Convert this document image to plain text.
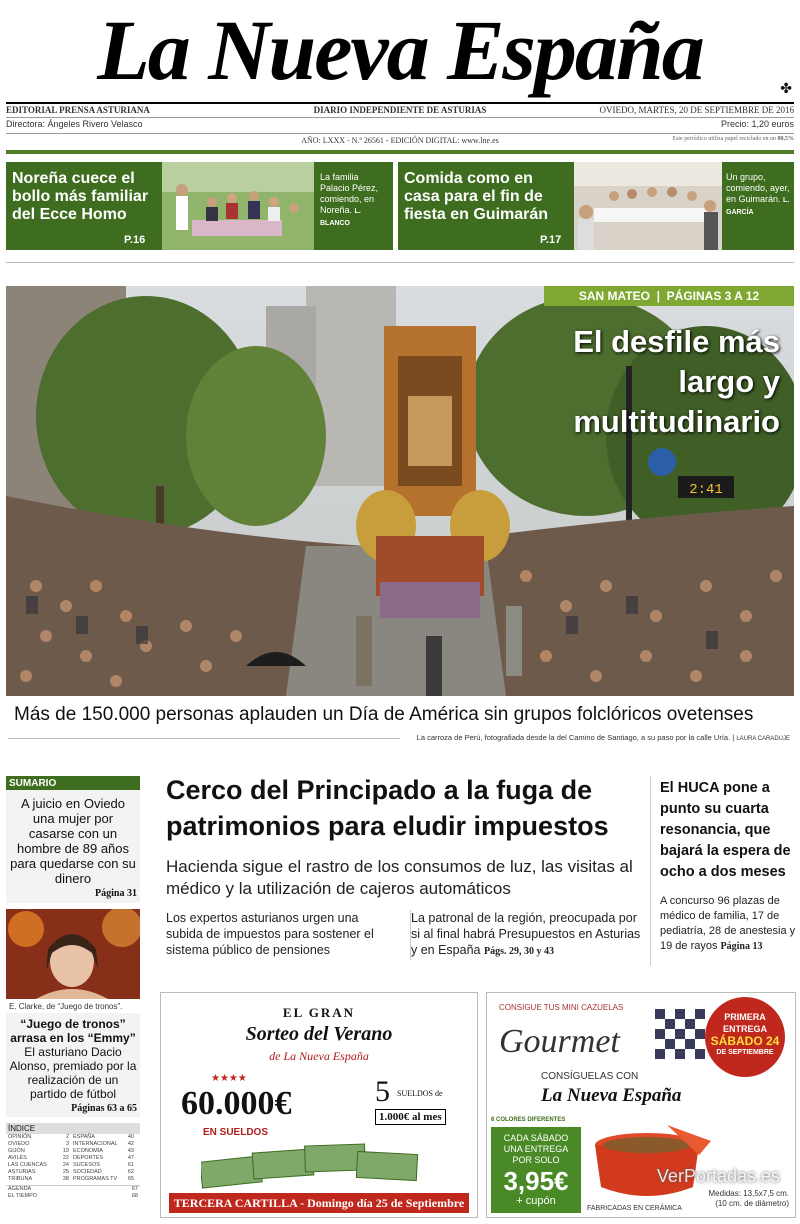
La Nueva España	✤
EDITORIAL PRENSA ASTURIANA	DIARIO INDEPENDIENTE DE ASTURIAS	OVIEDO, MARTES, 20 DE SEPTIEMBRE DE 2016
Directora: Ángeles Rivero Velasco	Precio: 1,20 euros
AÑO: LXXX - N.º 26561 - EDICIÓN DIGITAL: www.lne.es	Este periódico utiliza papel reciclado en un 80,5%
Noreña cuece el bollo más familiar del Ecce Homo
P.16
La familia Palacio Pérez, comiendo, en Noreña. L. BLANCO
Comida como en casa para el fin de fiesta en Guimarán
P.17
Un grupo, comiendo, ayer, en Guimarán. L. GARCÍA
2:41
SAN MATEO  |  PÁGINAS 3 A 12
El desfile más largo y multitudinario
Más de 150.000 personas aplauden un Día de América sin grupos folclóricos ovetenses
La carroza de Perú, fotografiada desde la del Camino de Santiago, a su paso por la calle Uría. | LAURA CARADUJE
SUMARIO
A juicio en Oviedo una mujer por casarse con un hombre de 89 años para quedarse con su dinero
Página 31
E. Clarke, de “Juego de tronos”.
“Juego de tronos” arrasa en los “Emmy”
El asturiano Dacio Alonso, premiado por la realización de un partido de fútbol
Páginas 63 a 65
ÍNDICE
OPINIÓN	2 ESPAÑA	40
OVIEDO	3 INTERNACIONAL 42
GIJÓN	19 ECONOMÍA	43
AVILÉS	22 DEPORTES	47
LAS CUENCAS	24 SUCESOS	61
ASTURIAS	25 SOCIEDAD	62
TRIBUNA	38 PROGRAMAS TV 65
AGENDA	67
EL TIEMPO	68
Cerco del Principado a la fuga de patrimonios para eludir impuestos
Hacienda sigue el rastro de los consumos de luz, las visitas al médico y la utilización de cajeros automáticos
Los expertos asturianos urgen una subida de impuestos para sostener el sistema público de pensiones
La patronal de la región, preocupada por si al final habrá Presupuestos en Asturias y en España Págs. 29, 30 y 43
El HUCA pone a punto su cuarta resonancia, que bajará la espera de ocho a dos meses
A concurso 96 plazas de médico de familia, 17 de pediatría, 28 de anestesia y 19 de rayos Página 13
EL GRAN
Sorteo del Verano
de La Nueva España
★★★★
60.000€
EN SUELDOS
5 SUELDOS de
1.000€ al mes
TERCERA CARTILLA - Domingo día 25 de Septiembre
CONSIGUE TUS MINI CAZUELAS
Gourmet
CONSÍGUELAS CON
La Nueva España
PRIMERA
ENTREGA
SÁBADO 24
DE SEPTIEMBRE
6 COLORES DIFERENTES
CADA SÁBADO
UNA ENTREGA
POR SOLO
3,95€
+ cupón
FABRICADAS EN CERÁMICA
Medidas: 13,5x7,5 cm.
(10 cm. de diámetro)
VerPortadas.es
